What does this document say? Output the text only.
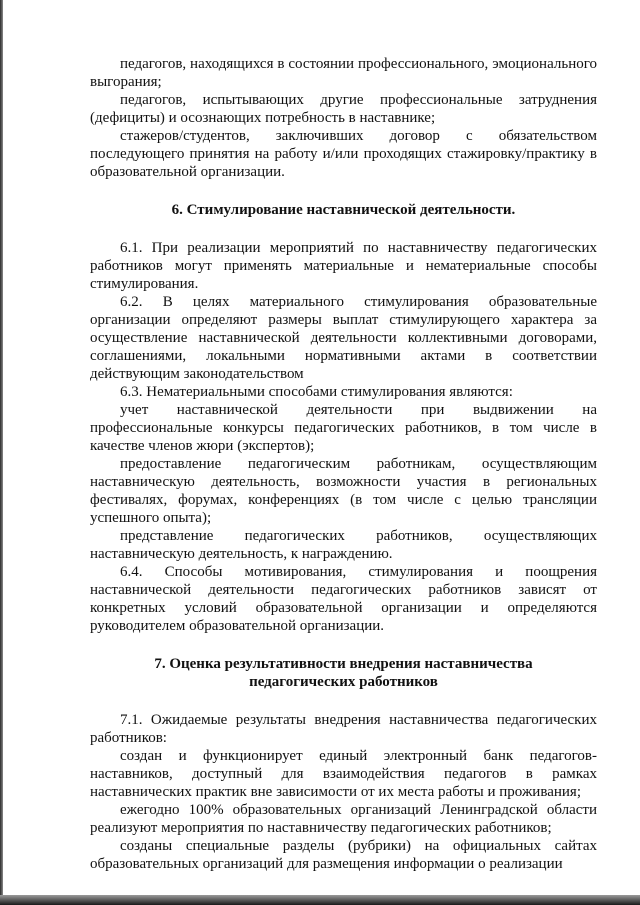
педагогов, находящихся в состоянии профессионального, эмоционального выгорания;

педагогов, испытывающих другие профессиональные затруднения (дефициты) и осознающих потребность в наставнике;

стажеров/студентов, заключивших договор с обязательством последующего принятия на работу и/или проходящих стажировку/практику в образовательной организации.

6. Стимулирование наставнической деятельности.

6.1. При реализации мероприятий по наставничеству педагогических работников могут применять материальные и нематериальные способы стимулирования.

6.2. В целях материального стимулирования образовательные организации определяют размеры выплат стимулирующего характера за осуществление наставнической деятельности коллективными договорами, соглашениями, локальными нормативными актами в соответствии действующим законодательством

6.3. Нематериальными способами стимулирования являются:

учет наставнической деятельности при выдвижении на профессиональные конкурсы педагогических работников, в том числе в качестве членов жюри (экспертов);

предоставление педагогическим работникам, осуществляющим наставническую деятельность, возможности участия в региональных фестивалях, форумах, конференциях (в том числе с целью трансляции успешного опыта);

представление педагогических работников, осуществляющих наставническую деятельность, к награждению.

6.4. Способы мотивирования, стимулирования и поощрения наставнической деятельности педагогических работников зависят от конкретных условий образовательной организации и определяются руководителем образовательной организации.

7. Оценка результативности внедрения наставничества

педагогических работников

7.1. Ожидаемые результаты внедрения наставничества педагогических работников:

создан и функционирует единый электронный банк педагогов-наставников, доступный для взаимодействия педагогов в рамках наставнических практик вне зависимости от их места работы и проживания;

ежегодно 100% образовательных организаций Ленинградской области реализуют мероприятия по наставничеству педагогических работников;

созданы специальные разделы (рубрики) на официальных сайтах образовательных организаций для размещения информации о реализации
